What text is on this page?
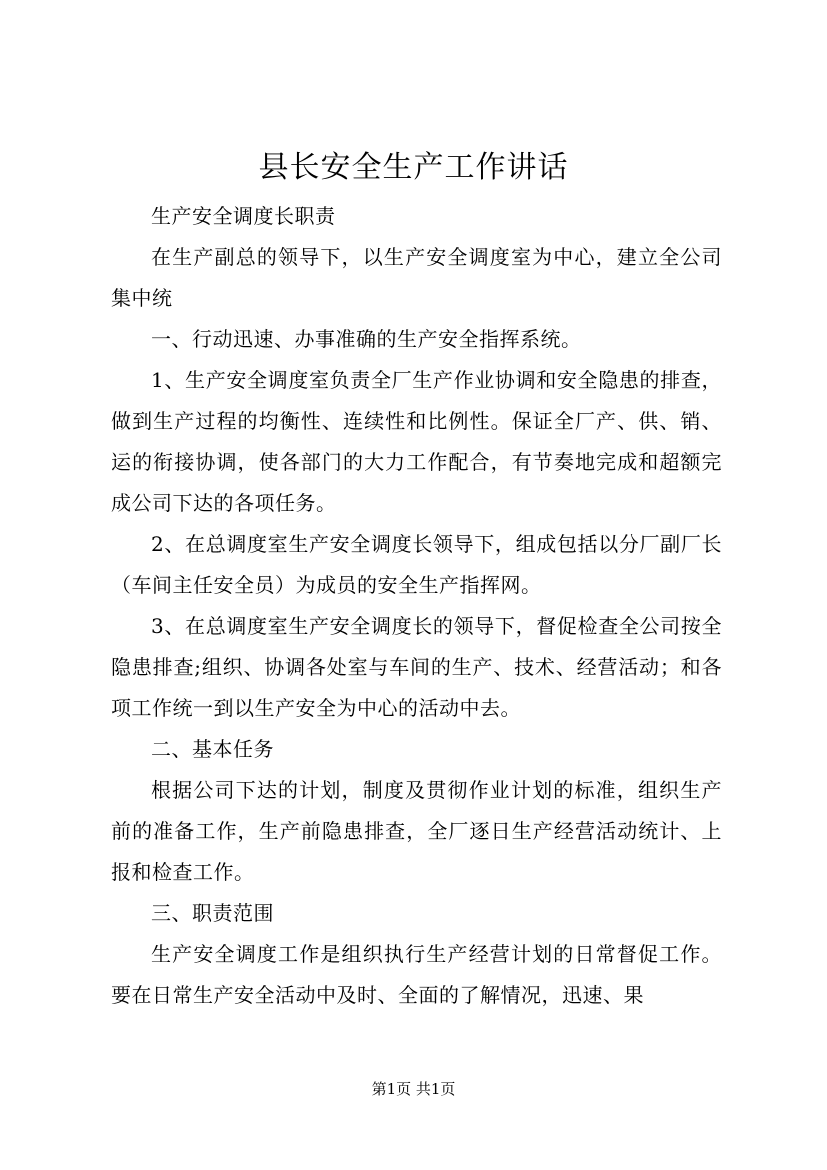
县长安全生产工作讲话

生产安全调度长职责

在生产副总的领导下，以生产安全调度室为中心，建立全公司集中统

一、行动迅速、办事准确的生产安全指挥系统。

1、生产安全调度室负责全厂生产作业协调和安全隐患的排查，做到生产过程的均衡性、连续性和比例性。保证全厂产、供、销、运的衔接协调，使各部门的大力工作配合，有节奏地完成和超额完成公司下达的各项任务。

2、在总调度室生产安全调度长领导下，组成包括以分厂副厂长（车间主任安全员）为成员的安全生产指挥网。

3、在总调度室生产安全调度长的领导下，督促检查全公司按全隐患排查;组织、协调各处室与车间的生产、技术、经营活动；和各项工作统一到以生产安全为中心的活动中去。

二、基本任务

根据公司下达的计划，制度及贯彻作业计划的标准，组织生产前的准备工作，生产前隐患排查，全厂逐日生产经营活动统计、上报和检查工作。

三、职责范围

生产安全调度工作是组织执行生产经营计划的日常督促工作。要在日常生产安全活动中及时、全面的了解情况，迅速、果

第1页 共1页
